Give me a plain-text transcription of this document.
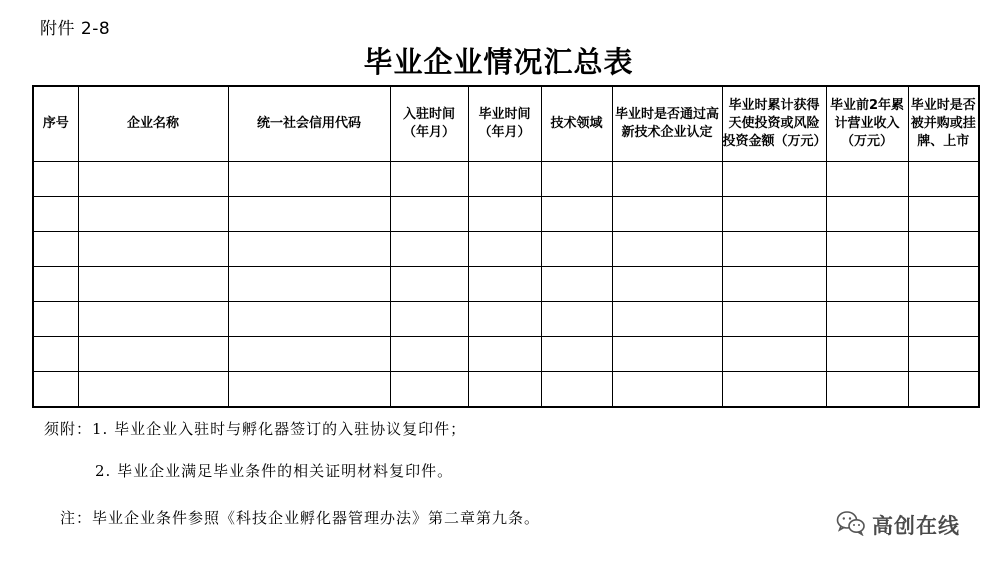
附件 2-8
毕业企业情况汇总表
序号	企业名称	统一社会信用代码	入驻时间（年月）	毕业时间（年月）	技术领域	毕业时是否通过高新技术企业认定	毕业时累计获得天使投资或风险投资金额（万元）	毕业前2年累计营业收入（万元）	毕业时是否被并购或挂牌、上市

须附：1. 毕业企业入驻时与孵化器签订的入驻协议复印件；
2. 毕业企业满足毕业条件的相关证明材料复印件。
注：毕业企业条件参照《科技企业孵化器管理办法》第二章第九条。	高创在线
